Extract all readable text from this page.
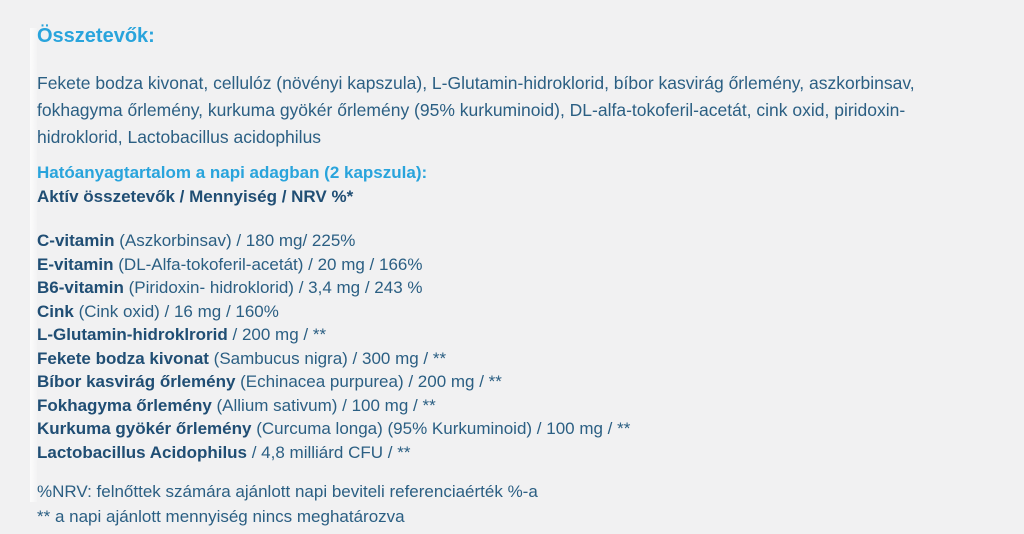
Összetevők:

Fekete bodza kivonat, cellulóz (növényi kapszula), L-Glutamin-hidroklorid, bíbor kasvirág őrlemény, aszkorbinsav, fokhagyma őrlemény, kurkuma gyökér őrlemény (95% kurkuminoid), DL-alfa-tokoferil-acetát, cink oxid, piridoxin- hidroklorid, Lactobacillus acidophilus

Hatóanyagtartalom a napi adagban (2 kapszula):

Aktív összetevők / Mennyiség / NRV %*

C-vitamin (Aszkorbinsav) / 180 mg/ 225%
E-vitamin (DL-Alfa-tokoferil-acetát) / 20 mg / 166%
B6-vitamin (Piridoxin- hidroklorid) / 3,4 mg / 243 %
Cink (Cink oxid) / 16 mg / 160%
L-Glutamin-hidroklrorid / 200 mg / **
Fekete bodza kivonat (Sambucus nigra) / 300 mg / **
Bíbor kasvirág őrlemény (Echinacea purpurea) / 200 mg / **
Fokhagyma őrlemény (Allium sativum) / 100 mg / **
Kurkuma gyökér őrlemény (Curcuma longa) (95% Kurkuminoid) / 100 mg / **
Lactobacillus Acidophilus / 4,8 milliárd CFU / **

%NRV: felnőttek számára ajánlott napi beviteli referenciaérték %-a

** a napi ajánlott mennyiség nincs meghatározva
